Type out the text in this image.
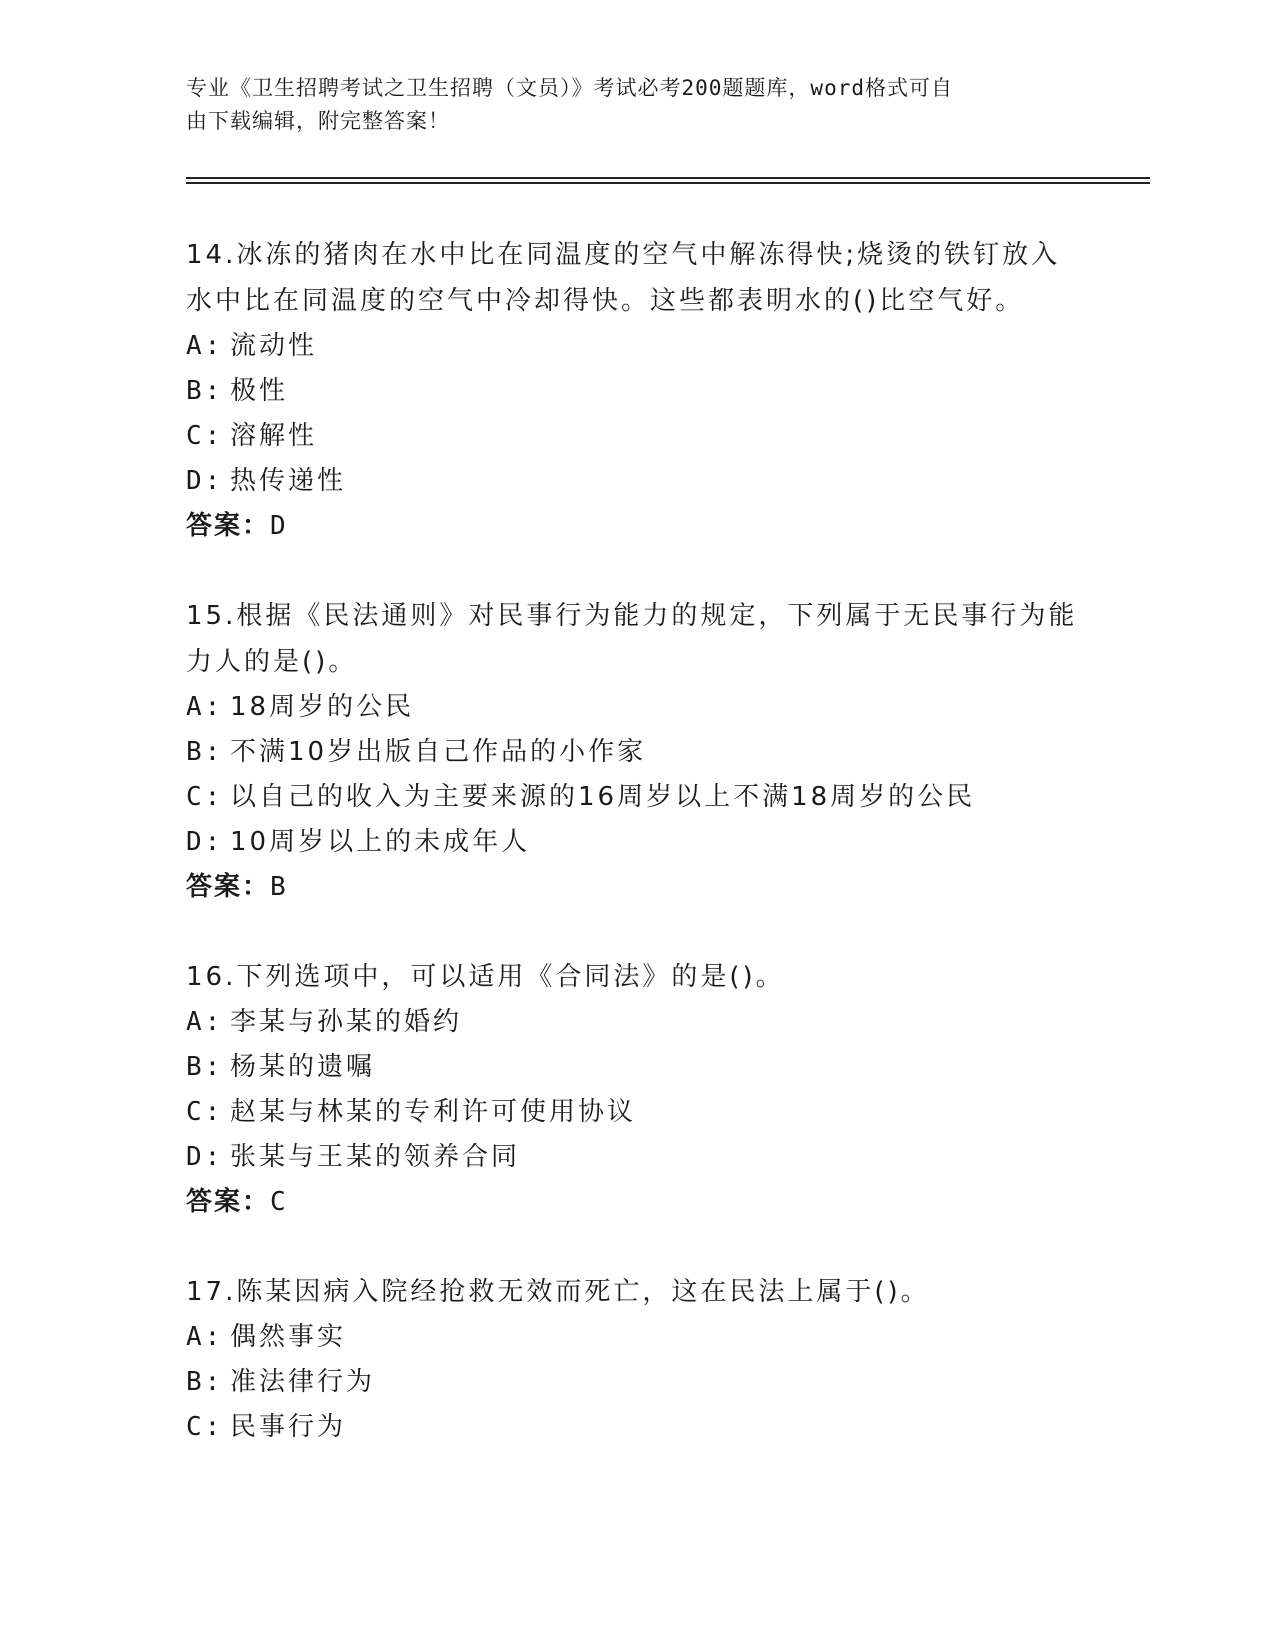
专业《卫生招聘考试之卫生招聘（文员）》考试必考200题题库，word格式可自
由下载编辑，附完整答案！
14.冰冻的猪肉在水中比在同温度的空气中解冻得快;烧烫的铁钉放入水中比在同温度的空气中冷却得快。这些都表明水的()比空气好。
A: 流动性
B: 极性
C: 溶解性
D: 热传递性
答案：D
15.根据《民法通则》对民事行为能力的规定，下列属于无民事行为能力人的是()。
A: 18周岁的公民
B: 不满10岁出版自己作品的小作家
C: 以自己的收入为主要来源的16周岁以上不满18周岁的公民
D: 10周岁以上的未成年人
答案：B
16.下列选项中，可以适用《合同法》的是()。
A: 李某与孙某的婚约
B: 杨某的遗嘱
C: 赵某与林某的专利许可使用协议
D: 张某与王某的领养合同
答案：C
17.陈某因病入院经抢救无效而死亡，这在民法上属于()。
A: 偶然事实
B: 准法律行为
C: 民事行为
